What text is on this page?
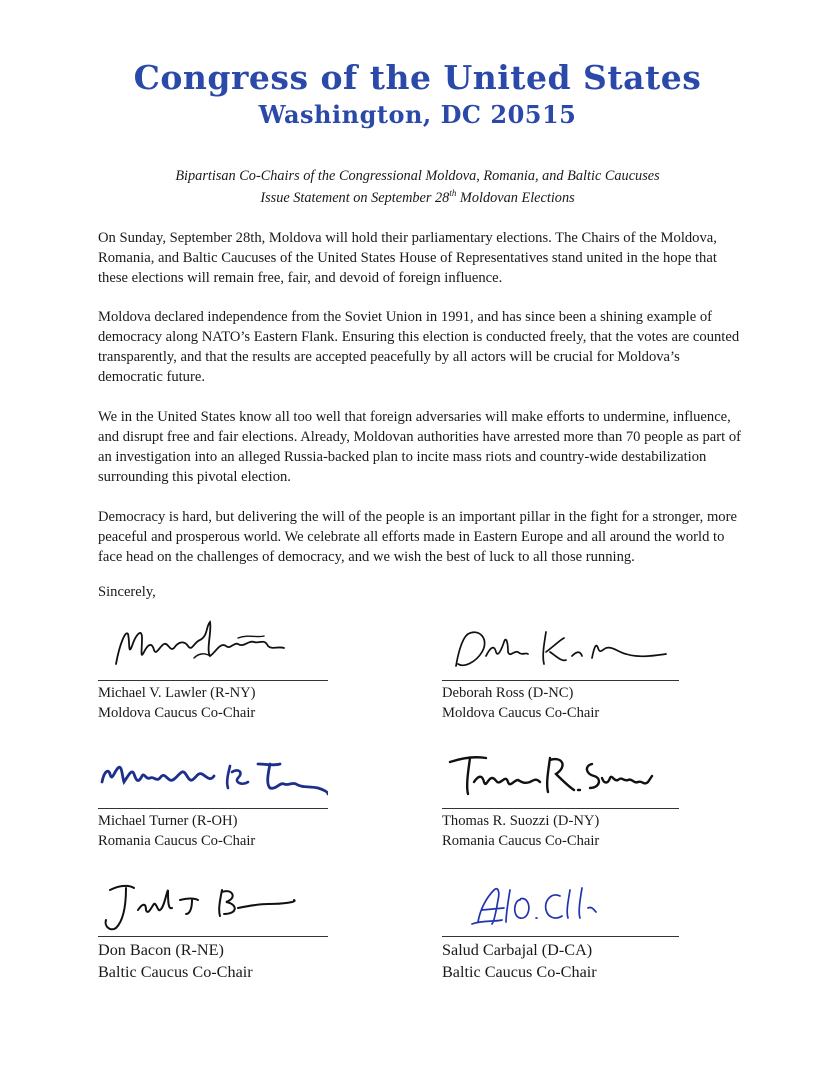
Congress of the United States
Washington, DC 20515
Bipartisan Co-Chairs of the Congressional Moldova, Romania, and Baltic Caucuses
Issue Statement on September 28th Moldovan Elections

On Sunday, September 28th, Moldova will hold their parliamentary elections. The Chairs of the Moldova, Romania, and Baltic Caucuses of the United States House of Representatives stand united in the hope that these elections will remain free, fair, and devoid of foreign influence.

Moldova declared independence from the Soviet Union in 1991, and has since been a shining example of democracy along NATO’s Eastern Flank. Ensuring this election is conducted freely, that the votes are counted transparently, and that the results are accepted peacefully by all actors will be crucial for Moldova’s democratic future.

We in the United States know all too well that foreign adversaries will make efforts to undermine, influence, and disrupt free and fair elections. Already, Moldovan authorities have arrested more than 70 people as part of an investigation into an alleged Russia-backed plan to incite mass riots and country-wide destabilization surrounding this pivotal election.

Democracy is hard, but delivering the will of the people is an important pillar in the fight for a stronger, more peaceful and prosperous world. We celebrate all efforts made in Eastern Europe and all around the world to face head on the challenges of democracy, and we wish the best of luck to all those running.

Sincerely,
Michael V. Lawler (R-NY)
Moldova Caucus Co-Chair
Deborah Ross (D-NC)
Moldova Caucus Co-Chair
Michael Turner (R-OH)
Romania Caucus Co-Chair
Thomas R. Suozzi (D-NY)
Romania Caucus Co-Chair
Don Bacon (R-NE)
Baltic Caucus Co-Chair
Salud Carbajal (D-CA)
Baltic Caucus Co-Chair
